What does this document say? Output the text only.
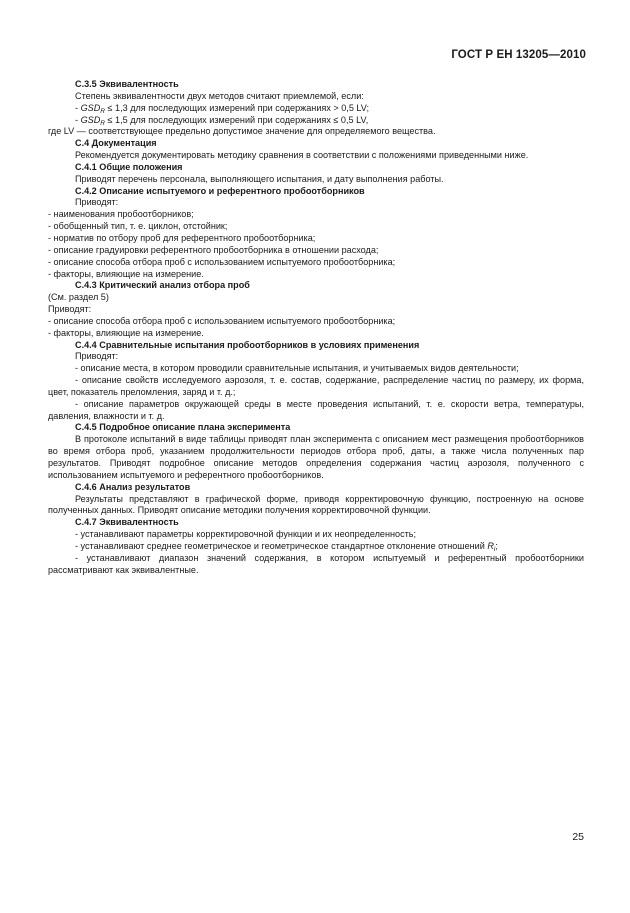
ГОСТ Р ЕН 13205—2010

С.3.5 Эквивалентность

Степень эквивалентности двух методов считают приемлемой, если:

- $GSD_R \le 1,3$ для последующих измерений при содержаниях > 0,5 LV;

- $GSD_R \le 1,5$ для последующих измерений при содержаниях ≤ 0,5 LV,

где LV — соответствующее предельно допустимое значение для определяемого вещества.

С.4 Документация

Рекомендуется документировать методику сравнения в соответствии с положениями приведенными ниже.

С.4.1 Общие положения

Приводят перечень персонала, выполняющего испытания, и дату выполнения работы.

С.4.2 Описание испытуемого и референтного пробоотборников

Приводят:

- наименования пробоотборников;

- обобщенный тип, т. е. циклон, отстойник;

- норматив по отбору проб для референтного пробоотборника;

- описание градуировки референтного пробоотборника в отношении расхода;

- описание способа отбора проб с использованием испытуемого пробоотборника;

- факторы, влияющие на измерение.

С.4.3 Критический анализ отбора проб

(См. раздел 5)

Приводят:

- описание способа отбора проб с использованием испытуемого пробоотборника;

- факторы, влияющие на измерение.

С.4.4 Сравнительные испытания пробоотборников в условиях применения

Приводят:

- описание места, в котором проводили сравнительные испытания, и учитываемых видов деятельности;

- описание свойств исследуемого аэрозоля, т. е. состав, содержание, распределение частиц по размеру, их форма, цвет, показатель преломления, заряд и т. д.;

- описание параметров окружающей среды в месте проведения испытаний, т. е. скорости ветра, температуры, давления, влажности и т. д.

С.4.5 Подробное описание плана эксперимента

В протоколе испытаний в виде таблицы приводят план эксперимента с описанием мест размещения пробоотборников во время отбора проб, указанием продолжительности периодов отбора проб, даты, а также числа полученных пар результатов. Приводят подробное описание методов определения содержания частиц аэрозоля, полученного с использованием испытуемого и референтного пробоотборников.

С.4.6 Анализ результатов

Результаты представляют в графической форме, приводя корректировочную функцию, построенную на основе полученных данных. Приводят описание методики получения корректировочной функции.

С.4.7 Эквивалентность

- устанавливают параметры корректировочной функции и их неопределенность;

- устанавливают среднее геометрическое и геометрическое стандартное отклонение отношений $R_i$;

- устанавливают диапазон значений содержания, в котором испытуемый и референтный пробоотборники рассматривают как эквивалентные.

25
